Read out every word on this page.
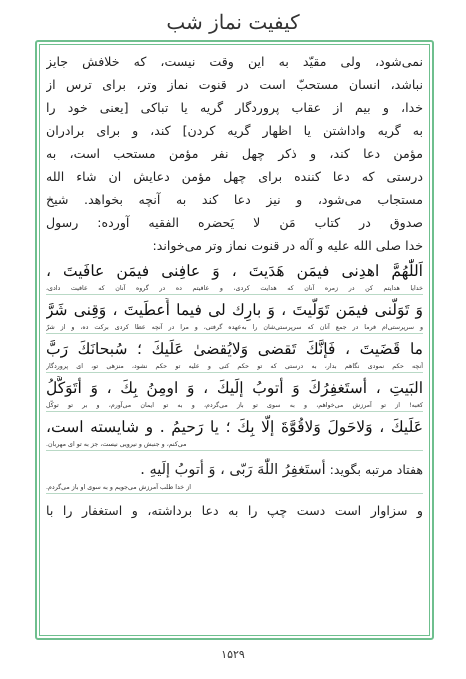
کیفیت نماز شب
نمی‌شود، ولی مقیّد به این وقت نیست، که خلافش جایز
نباشد، انسان مستحبّ است در قنوت نماز وتر، برای ترس از
خدا، و بیم از عقاب پروردگار گریه یا تباکی [یعنی خود را
به گریه واداشتن یا اظهار گریه کردن] کند، و برای برادران
مؤمن دعا کند، و ذکر چهل نفر مؤمن مستحب است، به
درستی که دعا کننده برای چهل مؤمن دعایش ان شاء الله
مستجاب می‌شود، و نیز دعا کند به آنچه بخواهد. شیخ
صدوق در کتاب مَن لا یَحضره الفقیه آورده: رسول
خدا صلی الله علیه و آله در قنوت نماز وتر می‌خواند:
اَللّٰهُمَّ اهدِنی فیمَن هَدَیتَ ، وَ عافِنی فیمَن عافَیتَ ،
خدایا هدایتم کن در زمره آنان که هدایت کردی، و عافیتم ده در گروه آنان که عافیت دادی،
وَ تَوَلَّنی فیمَن تَوَلَّیتَ ، وَ بارِك لی فیما أَعطَیتَ ، وَقِنی شَرَّ
و سرپرستی‌ام فرما در جمع آنان که سرپرستی‌شان را به‌عهده گرفتی، و مرا در آنچه عطا کردی برکت ده، و از شرّ
ما قَضَیتَ ، فَإنَّكَ تَقضی وَلایُقضیٰ عَلَیكَ ؛ سُبحانَكَ رَبَّ
آنچه حکم نمودی نگاهم بدار، به درستی که تو حکم کنی و علیه تو حکم نشود، منزهی تو، ای پروردگار
البَیتِ ، أستَغفِرُكَ وَ أتوبُ إلَیكَ ، وَ اومِنُ بِكَ ، وَ أتَوَكَّلُ
کعبه! از تو آمرزش می‌خواهم، و به سوی تو باز می‌گردم، و به تو ایمان می‌آورم، و بر تو توکّل
عَلَیكَ ، وَلاحَولَ وَلاقُوَّةَ إلّا بِكَ ؛ یا رَحیمُ . و شایسته است،
می‌کنم، و جنبش و نیرویی نیست، جز به تو ای مهربان.
هفتاد مرتبه بگوید: أستَغفِرُ اللّٰهَ رَبّی ، وَ أتوبُ إلَیهِ .
از خدا طلب آمرزش می‌جویم و به سوی او باز می‌گردم.
و سزاوار است دست چپ را به دعا برداشته، و استغفار را با
۱۵۲۹
